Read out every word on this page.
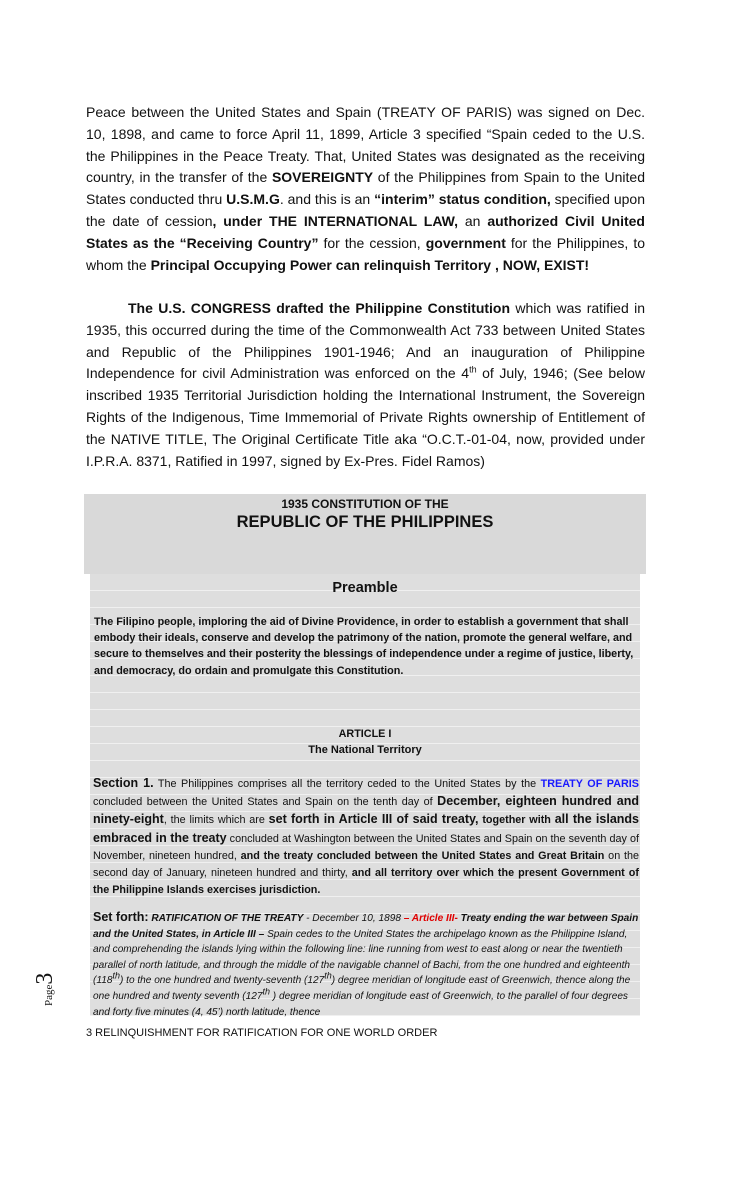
Peace between the United States and Spain (TREATY OF PARIS) was signed on Dec. 10, 1898, and came to force April 11, 1899, Article 3 specified “Spain ceded to the U.S. the Philippines in the Peace Treaty. That, United States was designated as the receiving country, in the transfer of the SOVEREIGNTY of the Philippines from Spain to the United States conducted thru U.S.M.G. and this is an “interim” status condition, specified upon the date of cession, under THE INTERNATIONAL LAW, an authorized Civil United States as the “Receiving Country” for the cession, government for the Philippines, to whom the Principal Occupying Power can relinquish Territory , NOW, EXIST!

The U.S. CONGRESS drafted the Philippine Constitution which was ratified in 1935, this occurred during the time of the Commonwealth Act 733 between United States and Republic of the Philippines 1901-1946; And an inauguration of Philippine Independence for civil Administration was enforced on the 4th of July, 1946; (See below inscribed 1935 Territorial Jurisdiction holding the International Instrument, the Sovereign Rights of the Indigenous, Time Immemorial of Private Rights ownership of Entitlement of the NATIVE TITLE, The Original Certificate Title aka “O.C.T.-01-04, now, provided under I.P.R.A. 8371, Ratified in 1997, signed by Ex-Pres. Fidel Ramos)

1935 CONSTITUTION OF THE
REPUBLIC OF THE PHILIPPINES
Preamble

The Filipino people, imploring the aid of Divine Providence, in order to establish a government that shall embody their ideals, conserve and develop the patrimony of the nation, promote the general welfare, and secure to themselves and their posterity the blessings of independence under a regime of justice, liberty, and democracy, do ordain and promulgate this Constitution.

ARTICLE I
The National Territory

Section 1. The Philippines comprises all the territory ceded to the United States by the TREATY OF PARIS concluded between the United States and Spain on the tenth day of December, eighteen hundred and ninety-eight, the limits which are set forth in Article III of said treaty, together with all the islands embraced in the treaty concluded at Washington between the United States and Spain on the seventh day of November, nineteen hundred, and the treaty concluded between the United States and Great Britain on the second day of January, nineteen hundred and thirty, and all territory over which the present Government of the Philippine Islands exercises jurisdiction.

Set forth: RATIFICATION OF THE TREATY - December 10, 1898 – Article III- Treaty ending the war between Spain and the United States, in Article III – Spain cedes to the United States the archipelago known as the Philippine Island, and comprehending the islands lying within the following line: line running from west to east along or near the twentieth parallel of north latitude, and through the middle of the navigable channel of Bachi, from the one hundred and eighteenth (118th) to the one hundred and twenty-seventh (127th) degree meridian of longitude east of Greenwich, thence along the one hundred and twenty seventh (127th ) degree meridian of longitude east of Greenwich, to the parallel of four degrees and forty five minutes (4, 45’) north latitude, thence

Page3
3 RELINQUISHMENT FOR RATIFICATION FOR ONE WORLD ORDER
